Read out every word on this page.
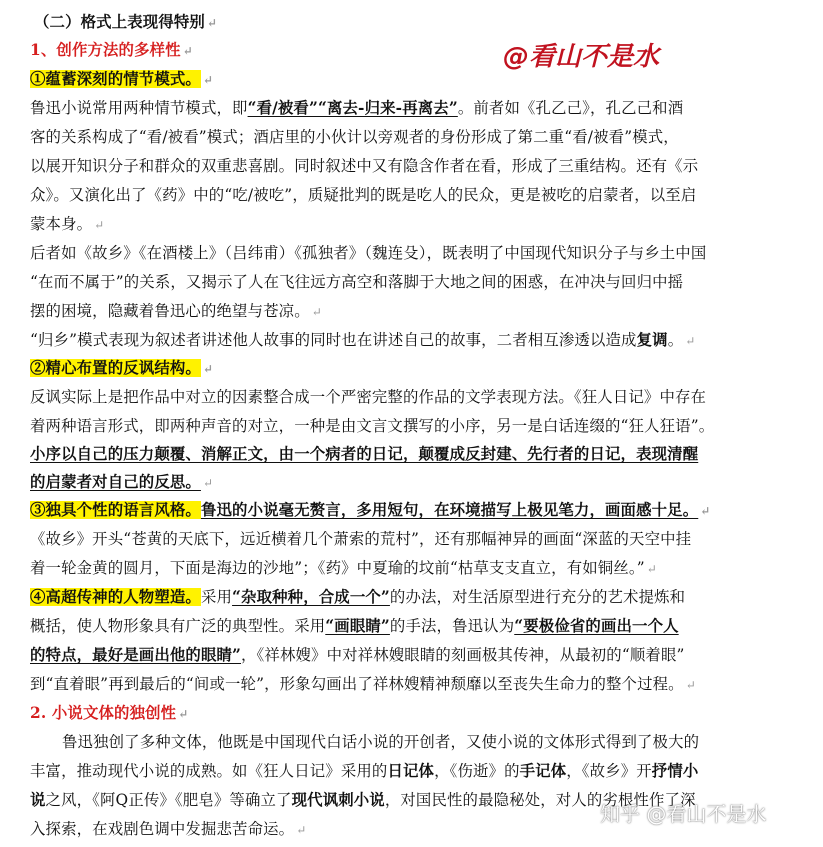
（二）格式上表现得特别 ↵
1、创作方法的多样性 ↵	@看山不是水
①蕴蓄深刻的情节模式。 ↵
鲁迅小说常用两种情节模式，即“看/被看”“离去-归来-再离去”。前者如《孔乙己》，孔乙己和酒
客的关系构成了“看/被看”模式；酒店里的小伙计以旁观者的身份形成了第二重“看/被看”模式，
以展开知识分子和群众的双重悲喜剧。同时叙述中又有隐含作者在看，形成了三重结构。还有《示
众》。又演化出了《药》中的“吃/被吃”，质疑批判的既是吃人的民众，更是被吃的启蒙者，以至启
蒙本身。 ↵
后者如《故乡》《在酒楼上》（吕纬甫）《孤独者》（魏连殳），既表明了中国现代知识分子与乡土中国
“在而不属于”的关系，又揭示了人在飞往远方高空和落脚于大地之间的困惑，在冲决与回归中摇
摆的困境，隐藏着鲁迅心的绝望与苍凉。 ↵
“归乡”模式表现为叙述者讲述他人故事的同时也在讲述自己的故事，二者相互渗透以造成复调。 ↵
②精心布置的反讽结构。 ↵
反讽实际上是把作品中对立的因素整合成一个严密完整的作品的文学表现方法。《狂人日记》中存在
着两种语言形式，即两种声音的对立，一种是由文言文撰写的小序，另一是白话连缀的“狂人狂语”。
小序以自己的压力颠覆、消解正文，由一个病者的日记，颠覆成反封建、先行者的日记，表现清醒
的启蒙者对自己的反思。 ↵
③独具个性的语言风格。鲁迅的小说毫无赘言，多用短句，在环境描写上极见笔力，画面感十足。 ↵
《故乡》开头“苍黄的天底下，远近横着几个萧索的荒村”，还有那幅神异的画面“深蓝的天空中挂
着一轮金黄的圆月，下面是海边的沙地”；《药》中夏瑜的坟前“枯草支支直立，有如铜丝。” ↵
④高超传神的人物塑造。采用“杂取种种，合成一个”的办法，对生活原型进行充分的艺术提炼和
概括，使人物形象具有广泛的典型性。采用“画眼睛”的手法，鲁迅认为“要极俭省的画出一个人
的特点，最好是画出他的眼睛”，《祥林嫂》中对祥林嫂眼睛的刻画极其传神，从最初的“顺着眼”
到“直着眼”再到最后的“间或一轮”，形象勾画出了祥林嫂精神颓靡以至丧失生命力的整个过程。 ↵
2. 小说文体的独创性 ↵
鲁迅独创了多种文体，他既是中国现代白话小说的开创者，又使小说的文体形式得到了极大的
丰富，推动现代小说的成熟。如《狂人日记》采用的日记体，《伤逝》的手记体，《故乡》开抒情小
说之风，《阿Q正传》《肥皂》等确立了现代讽刺小说，对国民性的最隐秘处，对人的劣根性作了深
入探索，在戏剧色调中发掘悲苦命运。 ↵
知乎 @看山不是水
